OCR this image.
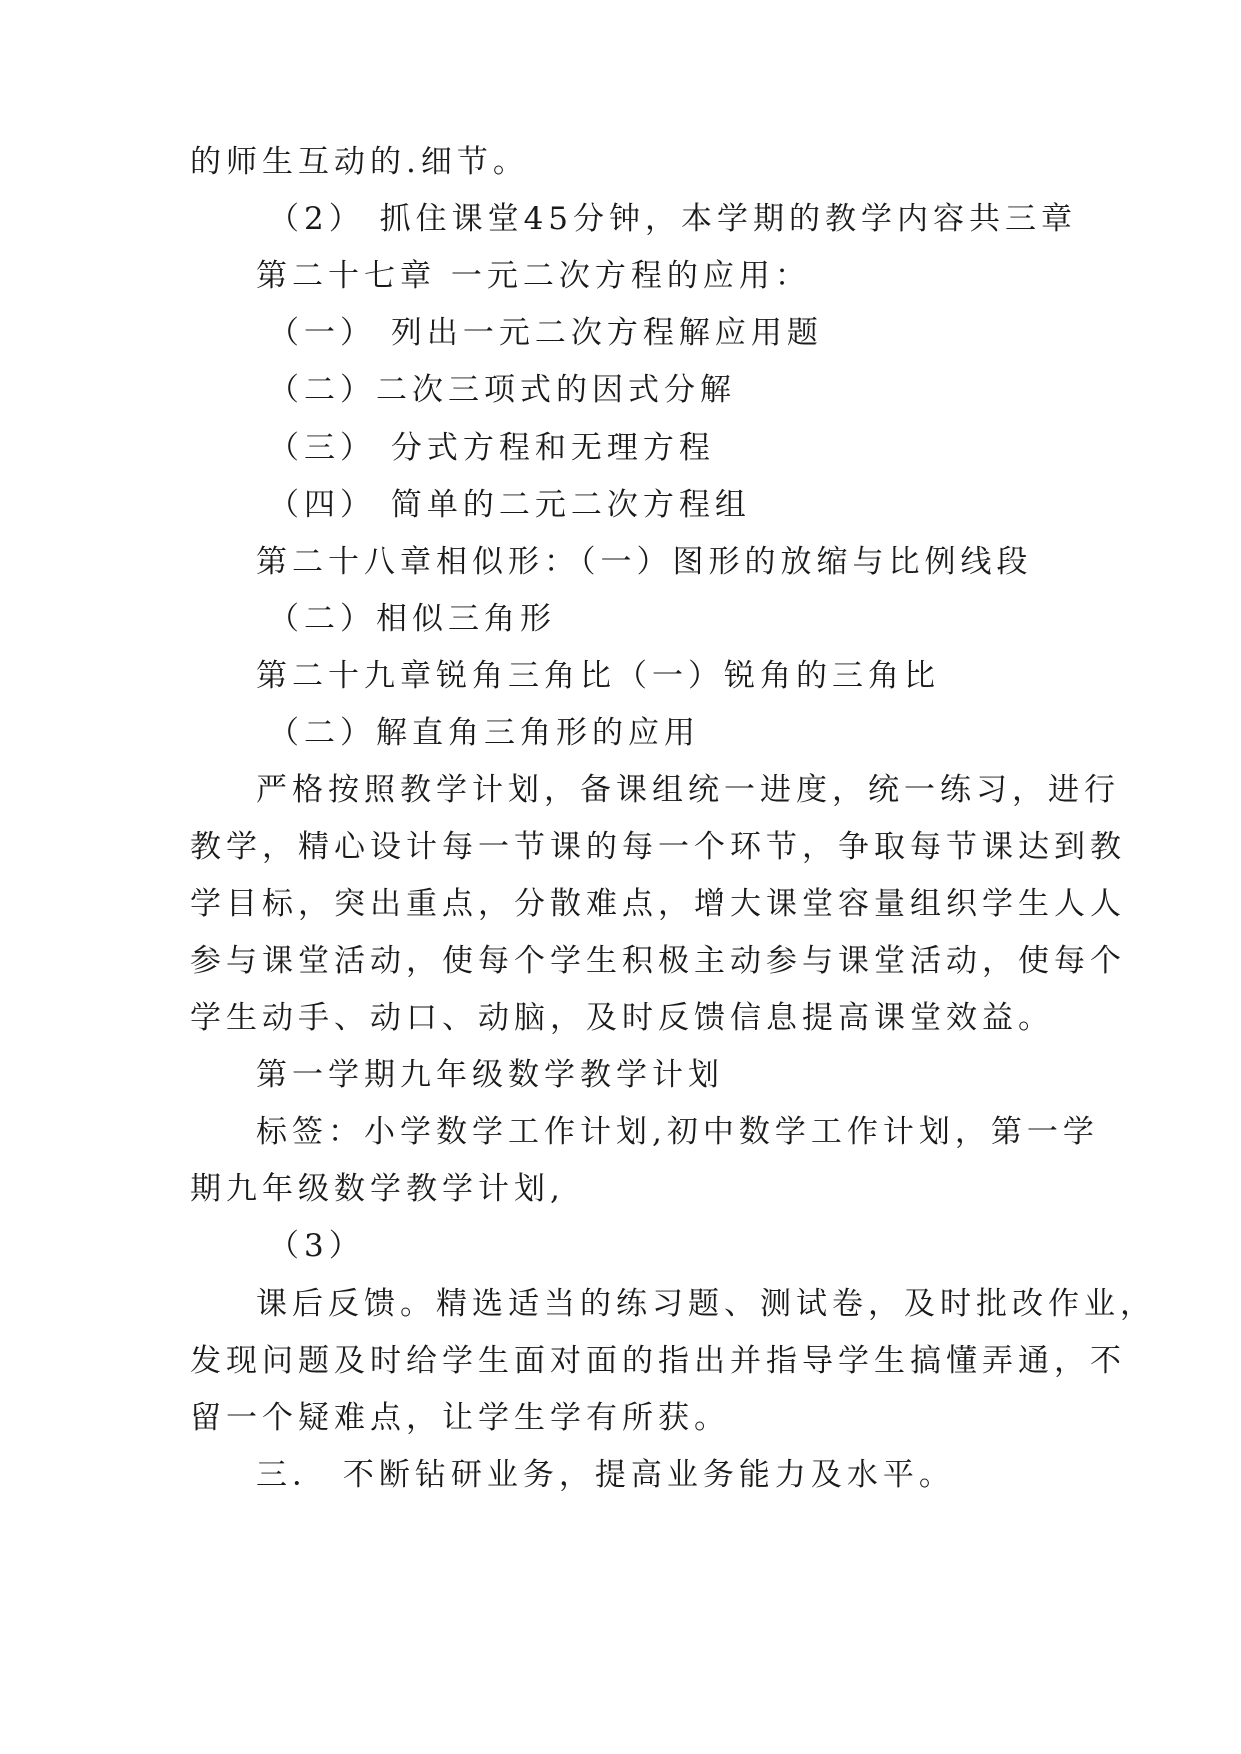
的师生互动的.细节。

（2） 抓住课堂45分钟，本学期的教学内容共三章

第二十七章 一元二次方程的应用：

（一） 列出一元二次方程解应用题

（二）二次三项式的因式分解

（三） 分式方程和无理方程

（四） 简单的二元二次方程组

第二十八章相似形：（一）图形的放缩与比例线段

（二）相似三角形

第二十九章锐角三角比（一）锐角的三角比

（二）解直角三角形的应用

严格按照教学计划，备课组统一进度，统一练习，进行

教学，精心设计每一节课的每一个环节，争取每节课达到教

学目标，突出重点，分散难点，增大课堂容量组织学生人人

参与课堂活动，使每个学生积极主动参与课堂活动，使每个

学生动手、动口、动脑，及时反馈信息提高课堂效益。

第一学期九年级数学教学计划

标签：小学数学工作计划,初中数学工作计划，第一学

期九年级数学教学计划,

（3）

课后反馈。精选适当的练习题、测试卷，及时批改作业，

发现问题及时给学生面对面的指出并指导学生搞懂弄通，不

留一个疑难点，让学生学有所获。

三． 不断钻研业务，提高业务能力及水平。
